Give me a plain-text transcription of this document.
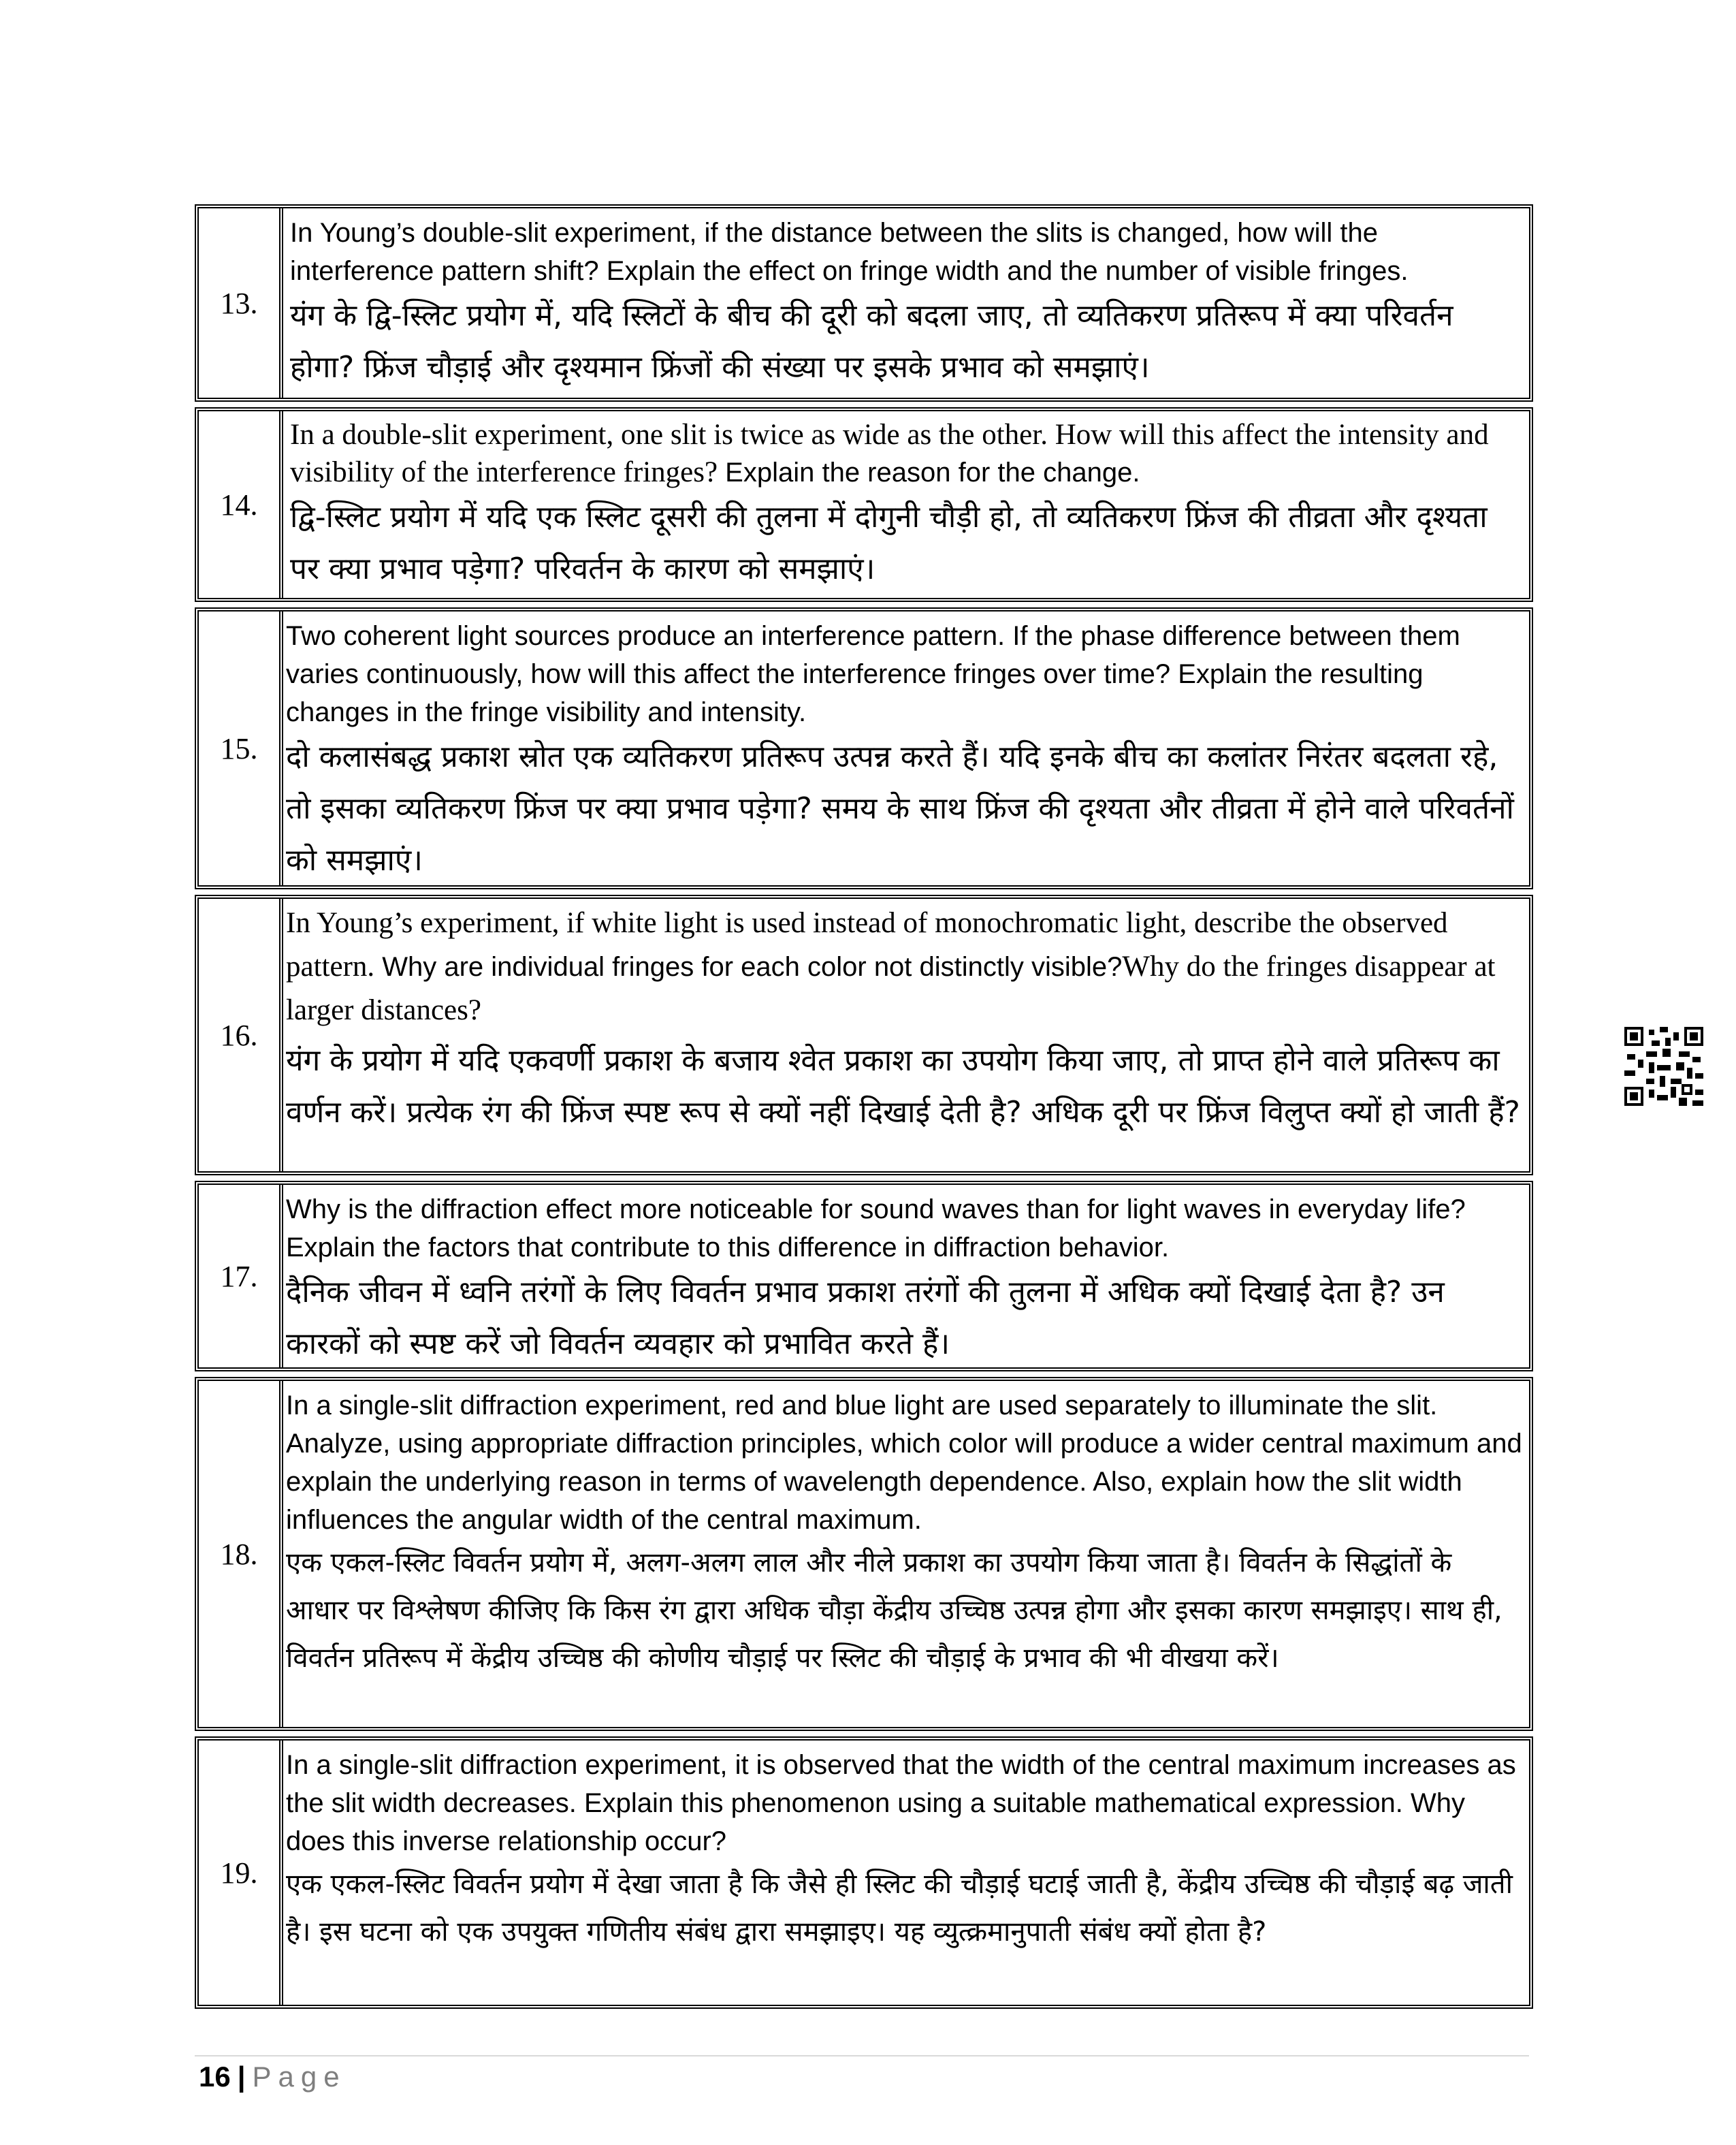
13.
In Young’s double-slit experiment, if the distance between the slits is changed, how will the interference pattern shift? Explain the effect on fringe width and the number of visible fringes.
यंग के द्वि-स्लिट प्रयोग में, यदि स्लिटों के बीच की दूरी को बदला जाए, तो व्यतिकरण प्रतिरूप में क्या परिवर्तन होगा? फ्रिंज चौड़ाई और दृश्यमान फ्रिंजों की संख्या पर इसके प्रभाव को समझाएं।
14.
In a double-slit experiment, one slit is twice as wide as the other. How will this affect the intensity and visibility of the interference fringes? Explain the reason for the change.
द्वि-स्लिट प्रयोग में यदि एक स्लिट दूसरी की तुलना में दोगुनी चौड़ी हो, तो व्यतिकरण फ्रिंज की तीव्रता और दृश्यता पर क्या प्रभाव पड़ेगा? परिवर्तन के कारण को समझाएं।
15.
Two coherent light sources produce an interference pattern. If the phase difference between them varies continuously, how will this affect the interference fringes over time? Explain the resulting changes in the fringe visibility and intensity.
दो कलासंबद्ध प्रकाश स्रोत एक व्यतिकरण प्रतिरूप उत्पन्न करते हैं। यदि इनके बीच का कलांतर निरंतर बदलता रहे, तो इसका व्यतिकरण फ्रिंज पर क्या प्रभाव पड़ेगा? समय के साथ फ्रिंज की दृश्यता और तीव्रता में होने वाले परिवर्तनों को समझाएं।
16.
In Young’s experiment, if white light is used instead of monochromatic light, describe the observed pattern. Why are individual fringes for each color not distinctly visible?Why do the fringes disappear at larger distances?
यंग के प्रयोग में यदि एकवर्णी प्रकाश के बजाय श्वेत प्रकाश का उपयोग किया जाए, तो प्राप्त होने वाले प्रतिरूप का वर्णन करें। प्रत्येक रंग की फ्रिंज स्पष्ट रूप से क्यों नहीं दिखाई देती है? अधिक दूरी पर फ्रिंज विलुप्त क्यों हो जाती हैं?
17.
Why is the diffraction effect more noticeable for sound waves than for light waves in everyday life? Explain the factors that contribute to this difference in diffraction behavior.
दैनिक जीवन में ध्वनि तरंगों के लिए विवर्तन प्रभाव प्रकाश तरंगों की तुलना में अधिक क्यों दिखाई देता है? उन कारकों को स्पष्ट करें जो विवर्तन व्यवहार को प्रभावित करते हैं।
18.
In a single-slit diffraction experiment, red and blue light are used separately to illuminate the slit. Analyze, using appropriate diffraction principles, which color will produce a wider central maximum and explain the underlying reason in terms of wavelength dependence. Also, explain how the slit width influences the angular width of the central maximum.
एक एकल-स्लिट विवर्तन प्रयोग में, अलग-अलग लाल और नीले प्रकाश का उपयोग किया जाता है। विवर्तन के सिद्धांतों के आधार पर विश्लेषण कीजिए कि किस रंग द्वारा अधिक चौड़ा केंद्रीय उच्चिष्ठ उत्पन्न होगा और इसका कारण समझाइए। साथ ही, विवर्तन प्रतिरूप में केंद्रीय उच्चिष्ठ की कोणीय चौड़ाई पर स्लिट की चौड़ाई के प्रभाव की भी वीखया करें।
19.
In a single-slit diffraction experiment, it is observed that the width of the central maximum increases as the slit width decreases. Explain this phenomenon using a suitable mathematical expression. Why does this inverse relationship occur?
एक एकल-स्लिट विवर्तन प्रयोग में देखा जाता है कि जैसे ही स्लिट की चौड़ाई घटाई जाती है, केंद्रीय उच्चिष्ठ की चौड़ाई बढ़ जाती है। इस घटना को एक उपयुक्त गणितीय संबंध द्वारा समझाइए। यह व्युत्क्रमानुपाती संबंध क्यों होता है?
16 | Page
